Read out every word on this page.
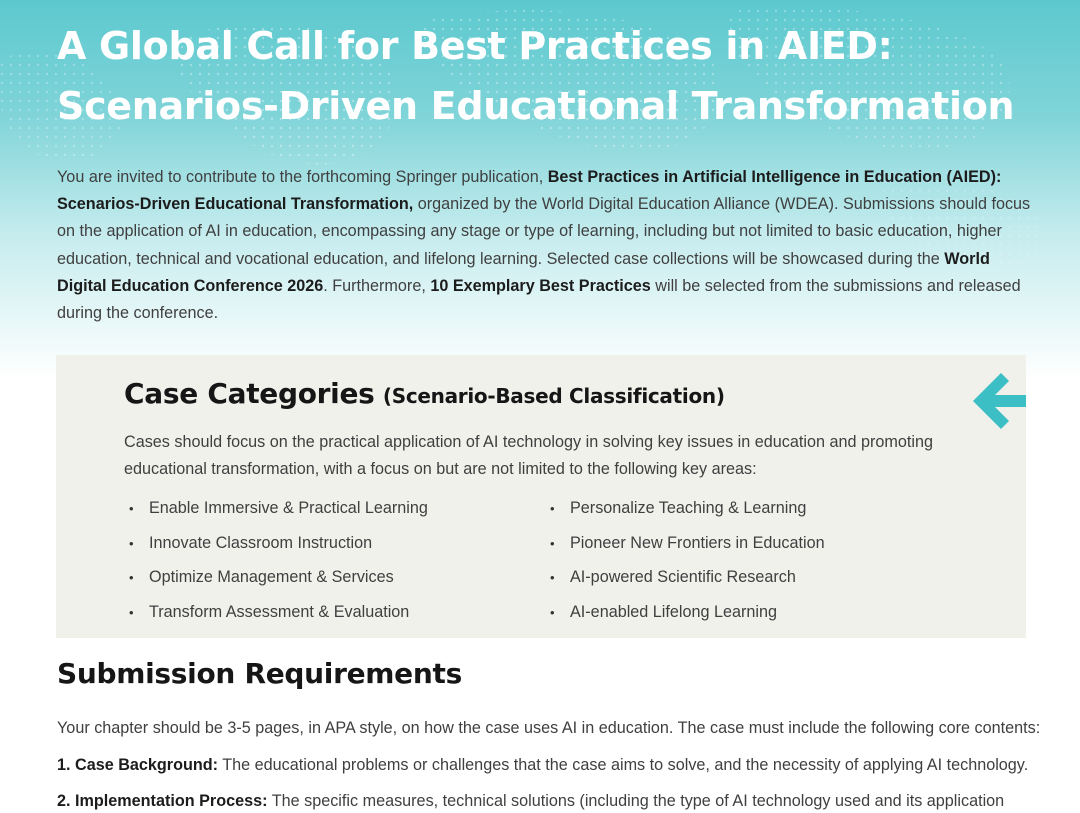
A Global Call for Best Practices in AIED:
Scenarios-Driven Educational Transformation

You are invited to contribute to the forthcoming Springer publication, Best Practices in Artificial Intelligence in Education (AIED): Scenarios-Driven Educational Transformation, organized by the World Digital Education Alliance (WDEA). Submissions should focus on the application of AI in education, encompassing any stage or type of learning, including but not limited to basic education, higher education, technical and vocational education, and lifelong learning. Selected case collections will be showcased during the World Digital Education Conference 2026. Furthermore, 10 Exemplary Best Practices will be selected from the submissions and released during the conference.

Case Categories (Scenario-Based Classification)

Cases should focus on the practical application of AI technology in solving key issues in education and promoting educational transformation, with a focus on but are not limited to the following key areas:

• Enable Immersive & Practical Learning
• Innovate Classroom Instruction
• Optimize Management & Services
• Transform Assessment & Evaluation
• Personalize Teaching & Learning
• Pioneer New Frontiers in Education
• AI-powered Scientific Research
• AI-enabled Lifelong Learning
Submission Requirements

Your chapter should be 3-5 pages, in APA style, on how the case uses AI in education. The case must include the following core contents:

1. Case Background: The educational problems or challenges that the case aims to solve, and the necessity of applying AI technology.

2. Implementation Process: The specific measures, technical solutions (including the type of AI technology used and its application
